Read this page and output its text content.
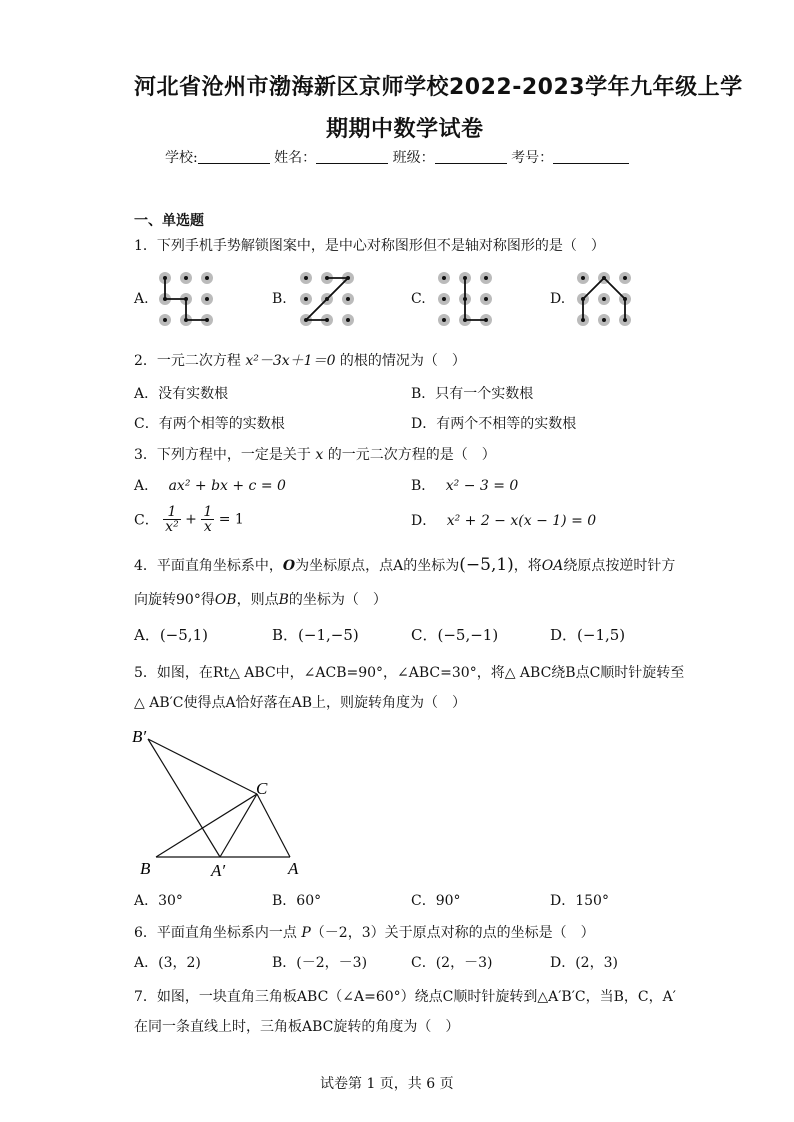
河北省沧州市渤海新区京师学校2022-2023学年九年级上学
期期中数学试卷
学校:	姓名：	班级：	考号：
一、单选题
1．下列手机手势解锁图案中，是中心对称图形但不是轴对称图形的是（　）
A.	B.	C.	D.
2．一元二次方程 x²－3x＋1＝0 的根的情况为（　）
A．没有实数根	B．只有一个实数根
C．有两个相等的实数根	D．有两个不相等的实数根
3．下列方程中，一定是关于 x 的一元二次方程的是（　）
A． ax² + bx + c = 0	B． x² − 3 = 0
C． $\frac{1}{\text{x²}} + \frac{1}{x} = 1$	D． x² + 2 − x(x − 1) = 0
4．平面直角坐标系中，O为坐标原点，点A的坐标为(−5,1)，将OA绕原点按逆时针方
向旋转90°得OB，则点B的坐标为（　）
A．(−5,1)	B．(−1,−5)	C．(−5,−1)	D．(−1,5)
5．如图，在Rt△ ABC中，∠ACB=90°，∠ABC=30°，将△ ABC绕B点C顺时针旋转至
△ AB′C使得点A恰好落在AB上，则旋转角度为（　）
B′
C
B	A′	A
A．30°	B．60°	C．90°	D．150°
6．平面直角坐标系内一点 P（－2，3）关于原点对称的点的坐标是（　）
A．(3，2)	B．(－2，－3)	C．(2，－3)	D．(2，3)
7．如图，一块直角三角板ABC（∠A=60°）绕点C顺时针旋转到△A′B′C，当B，C，A′
在同一条直线上时，三角板ABC旋转的角度为（　）
试卷第 1 页，共 6 页
